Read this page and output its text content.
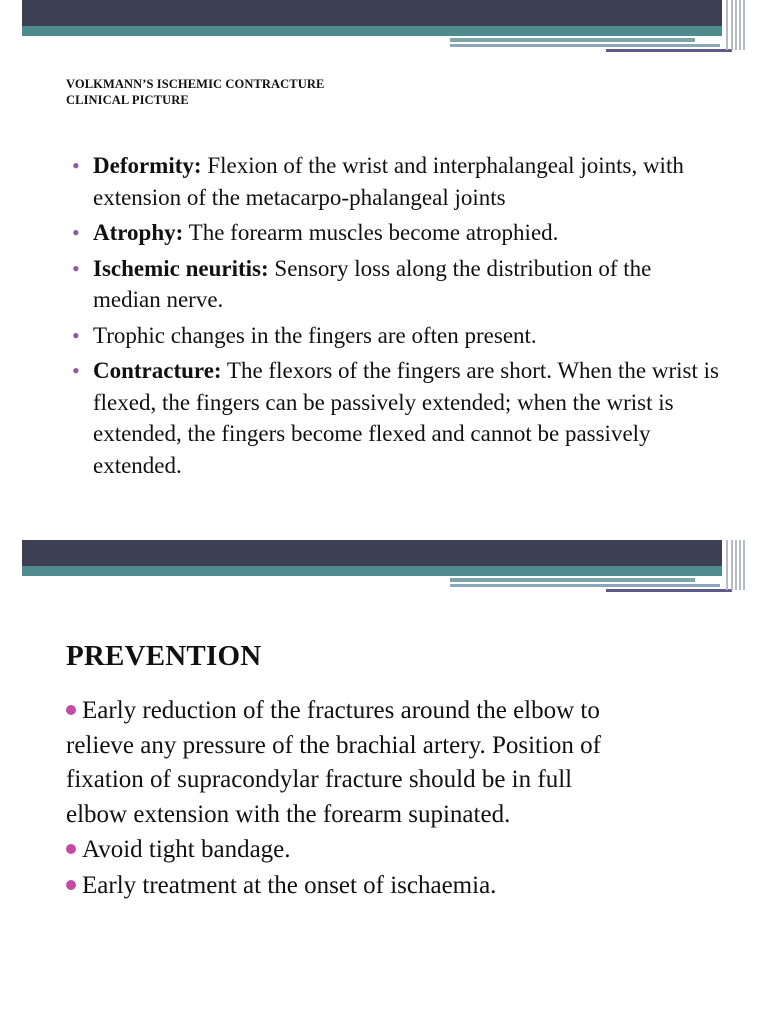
VOLKMANN’S ISCHEMIC CONTRACTURE
CLINICAL PICTURE
• Deformity: Flexion of the wrist and interphalangeal joints, with extension of the metacarpo-phalangeal joints
• Atrophy: The forearm muscles become atrophied.
• Ischemic neuritis: Sensory loss along the distribution of the median nerve.
• Trophic changes in the fingers are often present.
• Contracture: The flexors of the fingers are short. When the wrist is flexed, the fingers can be passively extended; when the wrist is extended, the fingers become flexed and cannot be passively extended.
PREVENTION
Early reduction of the fractures around the elbow to relieve any pressure of the brachial artery. Position of fixation of supracondylar fracture should be in full elbow extension with the forearm supinated.
Avoid tight bandage.
Early treatment at the onset of ischaemia.
